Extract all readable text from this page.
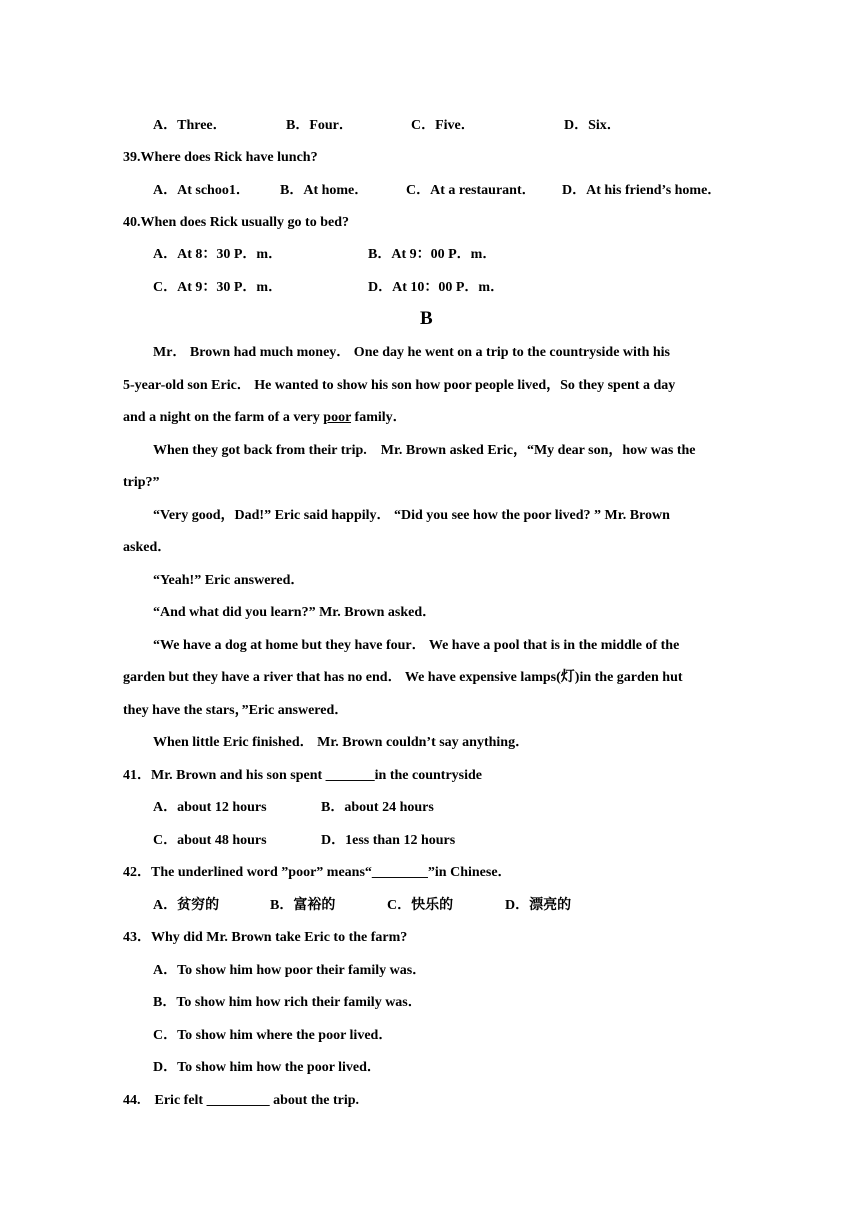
A．Three．	B．Four．	C．Five．	D．Six．
39.Where does Rick have lunch?
A．At schoo1． B．At home．	C．At a restaurant． D．At his friend’s home．
40.When does Rick usually go to bed?
A．At 8：30 P．m．	B．At 9：00 P．m．
C．At 9：30 P．m．	D．At 10：00 P．m．
B
Mr． Brown had much money． One day he went on a trip to the countryside with his
5-year-old son Eric． He wanted to show his son how poor people lived，So they spent a day
and a night on the farm of a very poor family．
When they got back from their trip.　Mr. Brown asked Eric，“My dear son，how was the
trip?”
“Very good，Dad!” Eric said happily． “Did you see how the poor lived? ” Mr. Brown
asked．
“Yeah!” Eric answered．
“And what did you learn?” Mr. Brown asked．
“We have a dog at home but they have four． We have a pool that is in the middle of the
garden but they have a river that has no end． We have expensive lamps(灯)in the garden hut
they have the stars，”Eric answered．
When little Eric finished． Mr. Brown couldn’t say anything．
41．Mr. Brown and his son spent _______in the countryside
A．about 12 hours	B．about 24 hours
C．about 48 hours	D．1ess than 12 hours
42．The underlined word ”poor” means“________”in Chinese．
A．贫穷的	B．富裕的	C．快乐的	D．漂亮的
43．Why did Mr. Brown take Eric to the farm?
A．To show him how poor their family was．
B．To show him how rich their family was．
C．To show him where the poor lived．
D．To show him how the poor lived．
44.　Eric felt _________ about the trip.
